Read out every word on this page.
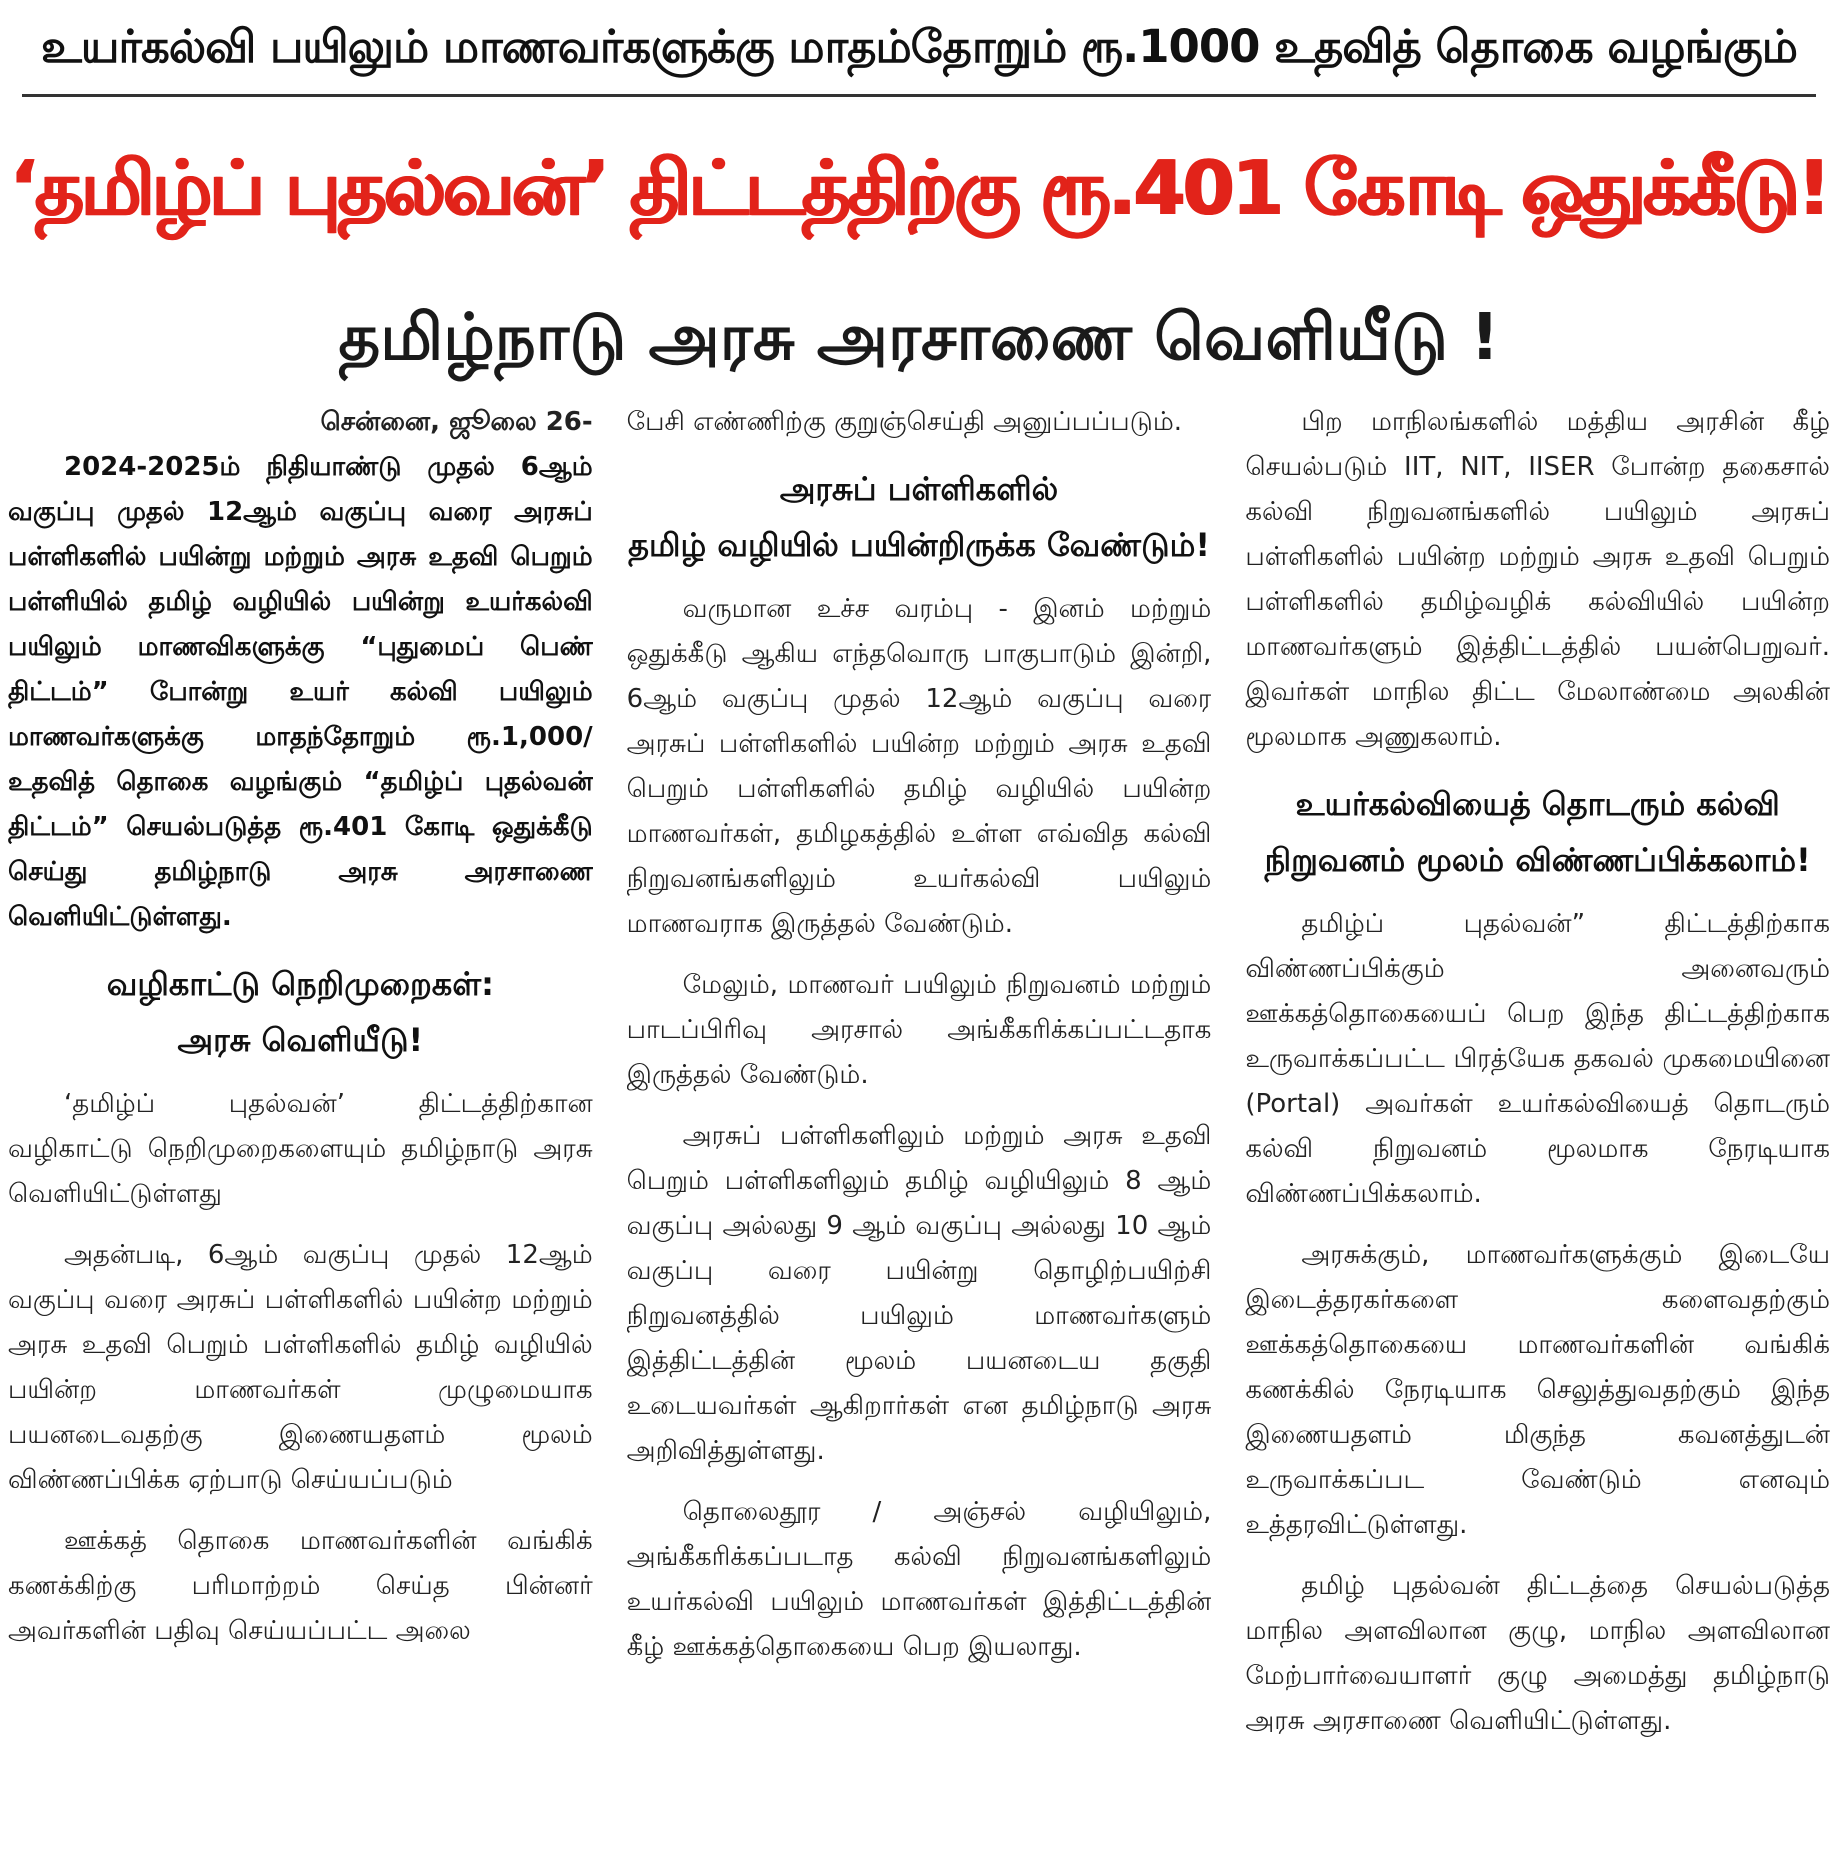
உயர்கல்வி பயிலும் மாணவர்களுக்கு மாதம்தோறும் ரூ.1000 உதவித் தொகை வழங்கும்
‘தமிழ்ப் புதல்வன்’ திட்டத்திற்கு ரூ.401 கோடி ஒதுக்கீடு!
தமிழ்நாடு அரசு அரசாணை வெளியீடு !

சென்னை, ஜூலை 26-

2024-2025ம் நிதியாண்டு முதல் 6ஆம் வகுப்பு முதல் 12ஆம் வகுப்பு வரை அரசுப் பள்ளிகளில் பயின்று மற்றும் அரசு உதவி பெறும் பள்ளியில் தமிழ் வழியில் பயின்று உயர்கல்வி பயிலும் மாணவிகளுக்கு “புதுமைப் பெண் திட்டம்” போன்று உயர் கல்வி பயிலும் மாணவர்களுக்கு மாதந்தோறும் ரூ.1,000/ உதவித் தொகை வழங்கும் “தமிழ்ப் புதல்வன் திட்டம்” செயல்படுத்த ரூ.401 கோடி ஒதுக்கீடு செய்து தமிழ்நாடு அரசு அரசாணை வெளியிட்டுள்ளது.

வழிகாட்டு நெறிமுறைகள்:
அரசு வெளியீடு!

‘தமிழ்ப் புதல்வன்’ திட்டத்திற்கான வழிகாட்டு நெறிமுறைகளையும் தமிழ்நாடு அரசு வெளியிட்டுள்ளது

அதன்படி, 6ஆம் வகுப்பு முதல் 12ஆம் வகுப்பு வரை அரசுப் பள்ளிகளில் பயின்ற மற்றும் அரசு உதவி பெறும் பள்ளிகளில் தமிழ் வழியில் பயின்ற மாணவர்கள் முழுமையாக பயனடைவதற்கு இணையதளம் மூலம் விண்ணப்பிக்க ஏற்பாடு செய்யப்படும்

ஊக்கத் தொகை மாணவர்களின் வங்கிக் கணக்கிற்கு பரிமாற்றம் செய்த பின்னர் அவர்களின் பதிவு செய்யப்பட்ட அலை

பேசி எண்ணிற்கு குறுஞ்செய்தி அனுப்பப்படும்.

அரசுப் பள்ளிகளில்
தமிழ் வழியில் பயின்றிருக்க வேண்டும்!

வருமான உச்ச வரம்பு - இனம் மற்றும் ஒதுக்கீடு ஆகிய எந்தவொரு பாகுபாடும் இன்றி, 6ஆம் வகுப்பு முதல் 12ஆம் வகுப்பு வரை அரசுப் பள்ளிகளில் பயின்ற மற்றும் அரசு உதவி பெறும் பள்ளிகளில் தமிழ் வழியில் பயின்ற மாணவர்கள், தமிழகத்தில் உள்ள எவ்வித கல்வி நிறுவனங்களிலும் உயர்கல்வி பயிலும் மாணவராக இருத்தல் வேண்டும்.

மேலும், மாணவர் பயிலும் நிறுவனம் மற்றும் பாடப்பிரிவு அரசால் அங்கீகரிக்கப்பட்டதாக இருத்தல் வேண்டும்.

அரசுப் பள்ளிகளிலும் மற்றும் அரசு உதவி பெறும் பள்ளிகளிலும் தமிழ் வழியிலும் 8 ஆம் வகுப்பு அல்லது 9 ஆம் வகுப்பு அல்லது 10 ஆம் வகுப்பு வரை பயின்று தொழிற்பயிற்சி நிறுவனத்தில் பயிலும் மாணவர்களும் இத்திட்டத்தின் மூலம் பயனடைய தகுதி உடையவர்கள் ஆகிறார்கள் என தமிழ்நாடு அரசு அறிவித்துள்ளது.

தொலைதூர / அஞ்சல் வழியிலும், அங்கீகரிக்கப்படாத கல்வி நிறுவனங்களிலும் உயர்கல்வி பயிலும் மாணவர்கள் இத்திட்டத்தின் கீழ் ஊக்கத்தொகையை பெற இயலாது.

பிற மாநிலங்களில் மத்திய அரசின் கீழ் செயல்படும் IIT, NIT, IISER போன்ற தகைசால் கல்வி நிறுவனங்களில் பயிலும் அரசுப் பள்ளிகளில் பயின்ற மற்றும் அரசு உதவி பெறும் பள்ளிகளில் தமிழ்வழிக் கல்வியில் பயின்ற மாணவர்களும் இத்திட்டத்தில் பயன்பெறுவர். இவர்கள் மாநில திட்ட மேலாண்மை அலகின் மூலமாக அணுகலாம்.

உயர்கல்வியைத் தொடரும் கல்வி
நிறுவனம் மூலம் விண்ணப்பிக்கலாம்!

தமிழ்ப் புதல்வன்” திட்டத்திற்காக விண்ணப்பிக்கும் அனைவரும் ஊக்கத்தொகையைப் பெற இந்த திட்டத்திற்காக உருவாக்கப்பட்ட பிரத்யேக தகவல் முகமையினை (Portal) அவர்கள் உயர்கல்வியைத் தொடரும் கல்வி நிறுவனம் மூலமாக நேரடியாக விண்ணப்பிக்கலாம்.

அரசுக்கும், மாணவர்களுக்கும் இடையே இடைத்தரகர்களை களைவதற்கும் ஊக்கத்தொகையை மாணவர்களின் வங்கிக் கணக்கில் நேரடியாக செலுத்துவதற்கும் இந்த இணையதளம் மிகுந்த கவனத்துடன் உருவாக்கப்பட வேண்டும் எனவும் உத்தரவிட்டுள்ளது.

தமிழ் புதல்வன் திட்டத்தை செயல்படுத்த மாநில அளவிலான குழு, மாநில அளவிலான மேற்பார்வையாளர் குழு அமைத்து தமிழ்நாடு அரசு அரசாணை வெளியிட்டுள்ளது.
